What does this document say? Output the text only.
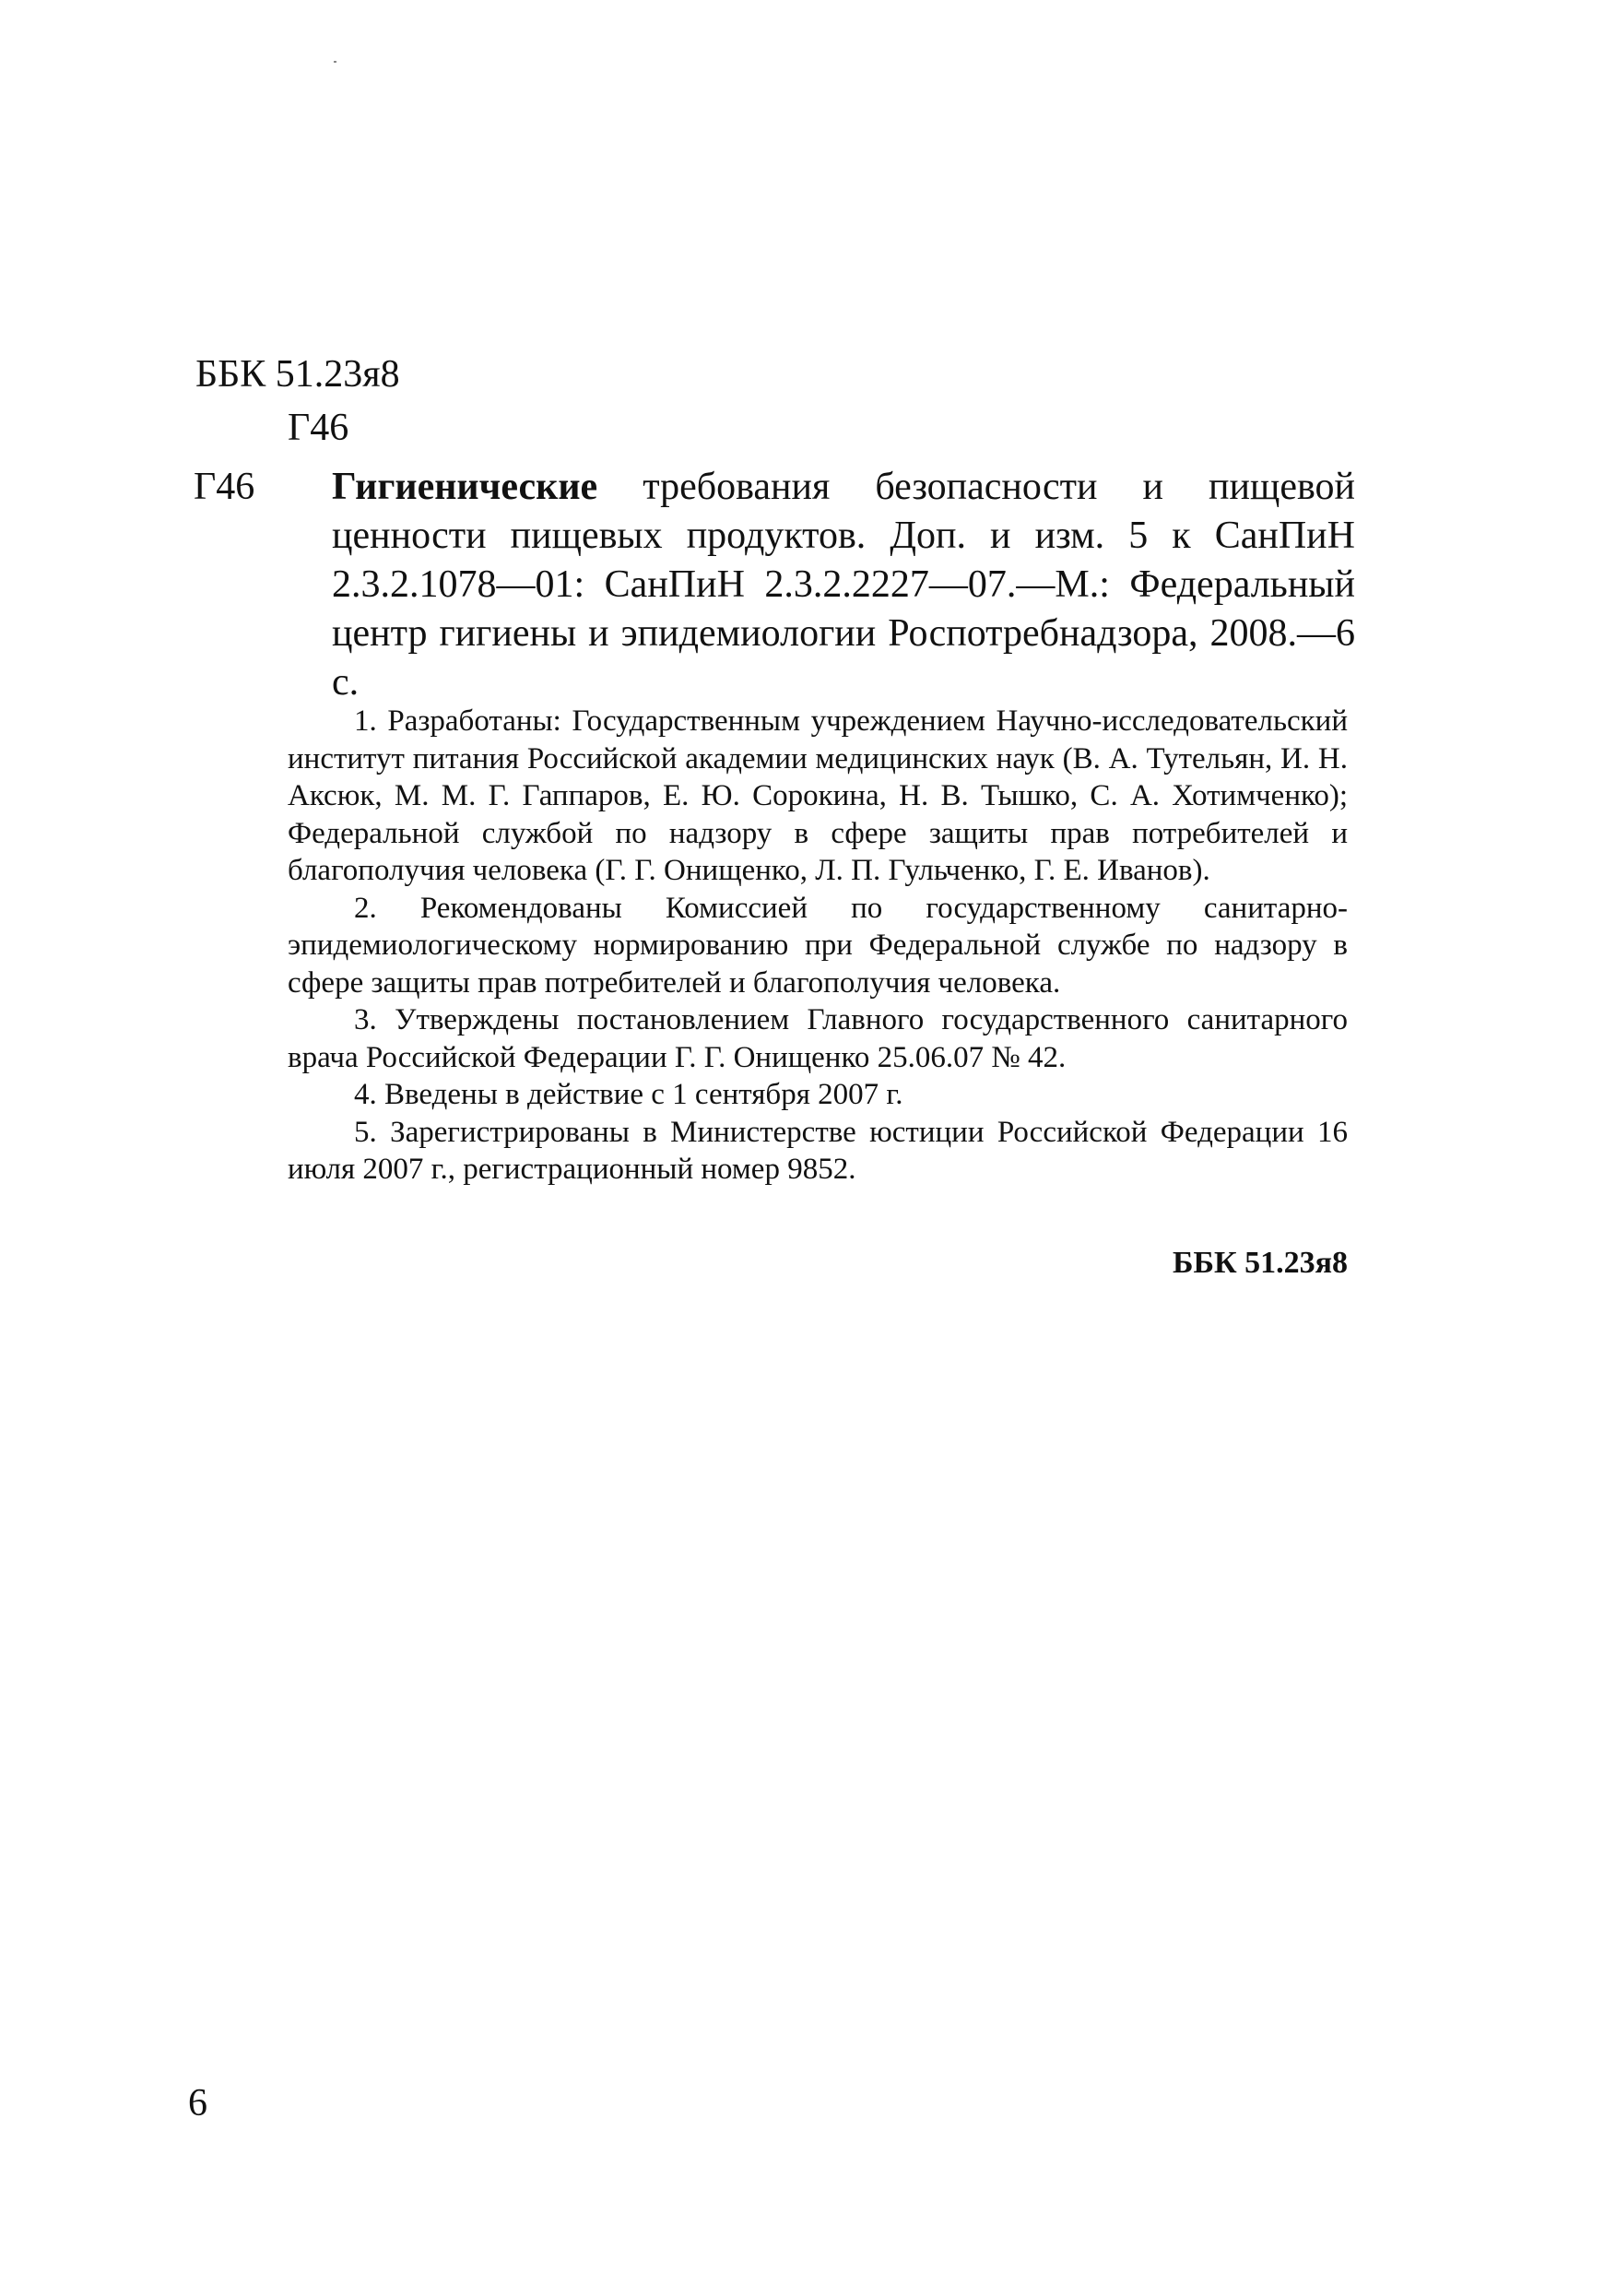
ББК 51.23я8
Г46
Г46 Гигиенические требования безопасности и пищевой ценности пищевых продуктов. Доп. и изм. 5 к СанПиН 2.3.2.1078—01: СанПиН 2.3.2.2227—07.—М.: Федеральный центр гигиены и эпидемиологии Роспотребнадзора, 2008.—6 с.

1. Разработаны: Государственным учреждением Научно-исследовательский институт питания Российской академии медицинских наук (В. А. Тутельян, И. Н. Аксюк, М. М. Г. Гаппаров, Е. Ю. Сорокина, Н. В. Тышко, С. А. Хотимченко); Федеральной службой по надзору в сфере защиты прав потребителей и благополучия человека (Г. Г. Онищенко, Л. П. Гульченко, Г. Е. Иванов).

2. Рекомендованы Комиссией по государственному санитарно-эпидемиологическому нормированию при Федеральной службе по надзору в сфере защиты прав потребителей и благополучия человека.

3. Утверждены постановлением Главного государственного санитарного врача Российской Федерации Г. Г. Онищенко 25.06.07 № 42.

4. Введены в действие с 1 сентября 2007 г.

5. Зарегистрированы в Министерстве юстиции Российской Федерации 16 июля 2007 г., регистрационный номер 9852.

ББК 51.23я8
6
